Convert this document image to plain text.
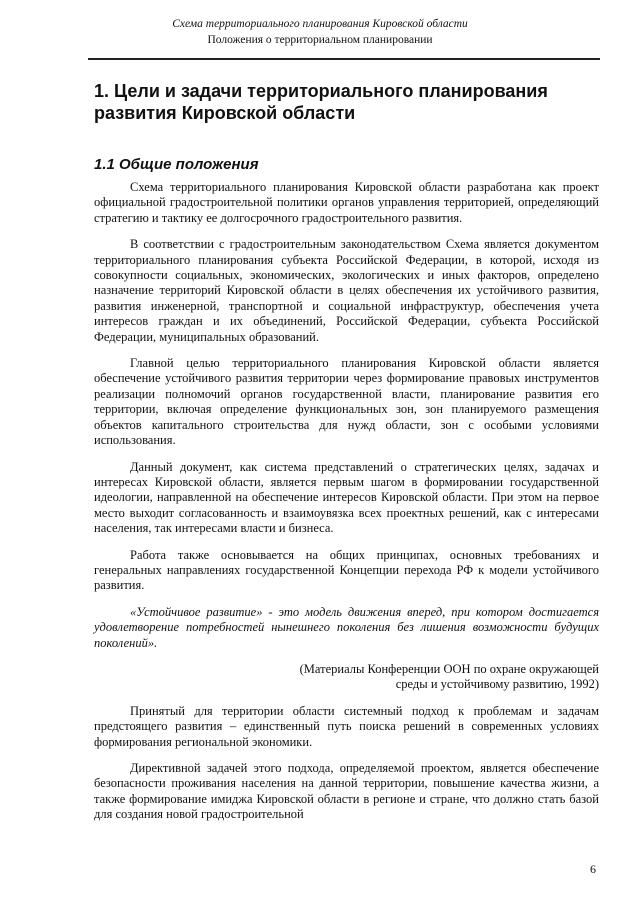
Схема территориального планирования Кировской области
Положения о территориальном планировании
1. Цели и задачи территориального планирования развития Кировской области
1.1 Общие положения

Схема территориального планирования Кировской области разработана как проект официальной градостроительной политики органов управления территорией, определяющий стратегию и тактику ее долгосрочного градостроительного развития.

В соответствии с градостроительным законодательством Схема является документом территориального планирования субъекта Российской Федерации, в которой, исходя из совокупности социальных, экономических, экологических и иных факторов, определено назначение территорий Кировской области в целях обеспечения их устойчивого развития, развития инженерной, транспортной и социальной инфраструктур, обеспечения учета интересов граждан и их объединений, Российской Федерации, субъекта Российской Федерации, муниципальных образований.

Главной целью территориального планирования Кировской области является обеспечение устойчивого развития территории через формирование правовых инструментов реализации полномочий органов государственной власти, планирование развития его территории, включая определение функциональных зон, зон планируемого размещения объектов капитального строительства для нужд области, зон с особыми условиями использования.

Данный документ, как система представлений о стратегических целях, задачах и интересах Кировской области, является первым шагом в формировании государственной идеологии, направленной на обеспечение интересов Кировской области. При этом на первое место выходит согласованность и взаимоувязка всех проектных решений, как с интересами населения, так интересами власти и бизнеса.

Работа также основывается на общих принципах, основных требованиях и генеральных направлениях государственной Концепции перехода РФ к модели устойчивого развития.

«Устойчивое развитие» - это модель движения вперед, при котором достигается удовлетворение потребностей нынешнего поколения без лишения возможности будущих поколений».

(Материалы Конференции ООН по охране окружающей
среды и устойчивому развитию, 1992)

Принятый для территории области системный подход к проблемам и задачам предстоящего развития – единственный путь поиска решений в современных условиях формирования региональной экономики.

Директивной задачей этого подхода, определяемой проектом, является обеспечение безопасности проживания населения на данной территории, повышение качества жизни, а также формирование имиджа Кировской области в регионе и стране, что должно стать базой для создания новой градостроительной

6
